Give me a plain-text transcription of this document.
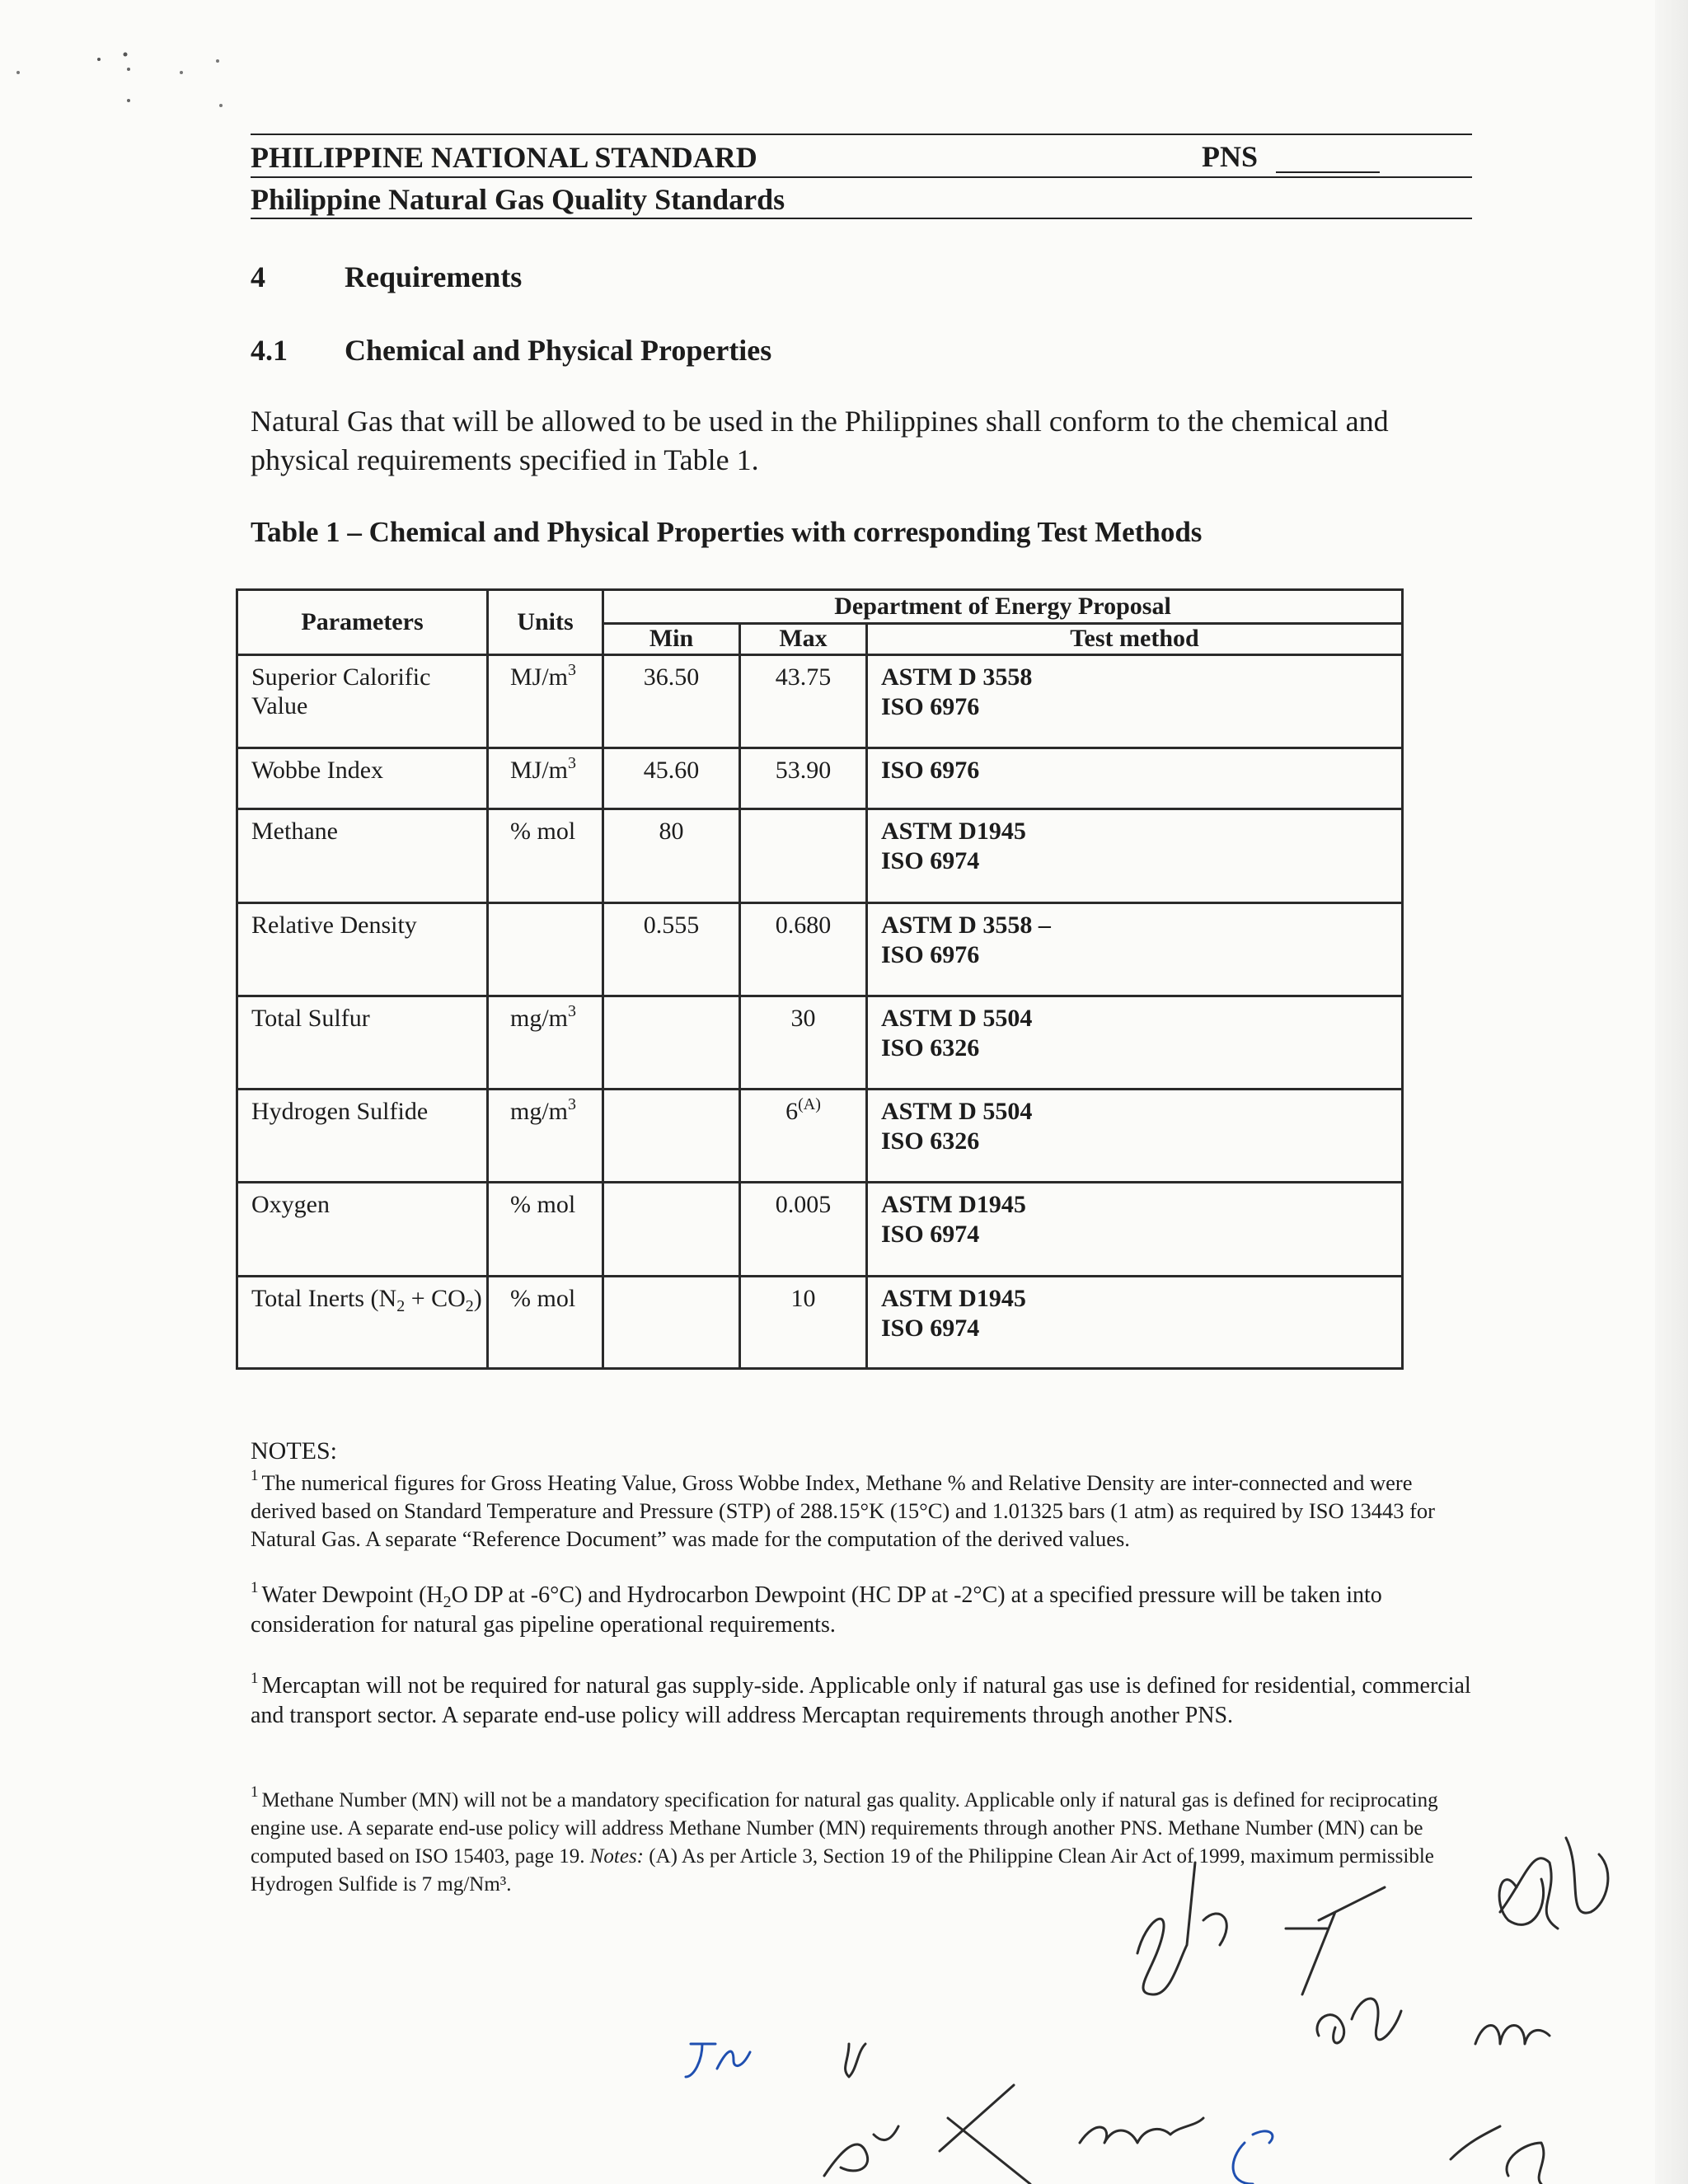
PHILIPPINE NATIONAL STANDARD	PNS
Philippine Natural Gas Quality Standards
4	Requirements
4.1 Chemical and Physical Properties
Natural Gas that will be allowed to be used in the Philippines shall conform to the chemical and physical requirements specified in Table 1.
Table 1 – Chemical and Physical Properties with corresponding Test Methods
Parameters	Units	Department of Energy Proposal		
		Min	Max	Test method
Superior Calorific Value	$MJ/m^3$	36.50	43.75	ASTM D 3558
ISO 6976

Wobbe Index	$MJ/m^3$	45.60	53.90	ISO 6976

Methane	% mol	80		ASTM D1945
ISO 6974

Relative Density		0.555	0.680	ASTM D 3558 –
ISO 6976

Total Sulfur	$mg/m^3$		30	ASTM D 5504
ISO 6326

Hydrogen Sulfide	$mg/m^3$		$6^{(A)}$	ASTM D 5504
ISO 6326

Oxygen	% mol		0.005	ASTM D1945
ISO 6974

Total Inerts $(N_2 + CO_2)$	% mol		10	ASTM D1945
ISO 6974
NOTES:
$^1$ The numerical figures for Gross Heating Value, Gross Wobbe Index, Methane % and Relative Density are inter-connected and were derived based on Standard Temperature and Pressure (STP) of 288.15°K (15°C) and 1.01325 bars (1 atm) as required by ISO 13443 for Natural Gas. A separate “Reference Document” was made for the computation of the derived values.
$^1$ Water Dewpoint ($H_2O$ DP at -6°C) and Hydrocarbon Dewpoint (HC DP at -2°C) at a specified pressure will be taken into consideration for natural gas pipeline operational requirements.
$^1$ Mercaptan will not be required for natural gas supply-side. Applicable only if natural gas use is defined for residential, commercial and transport sector. A separate end-use policy will address Mercaptan requirements through another PNS.
$^1$ Methane Number (MN) will not be a mandatory specification for natural gas quality. Applicable only if natural gas is defined for reciprocating engine use. A separate end-use policy will address Methane Number (MN) requirements through another PNS. Methane Number (MN) can be computed based on ISO 15403, page 19. Notes: (A) As per Article 3, Section 19 of the Philippine Clean Air Act of 1999, maximum permissible Hydrogen Sulfide is 7 mg/Nm³.
